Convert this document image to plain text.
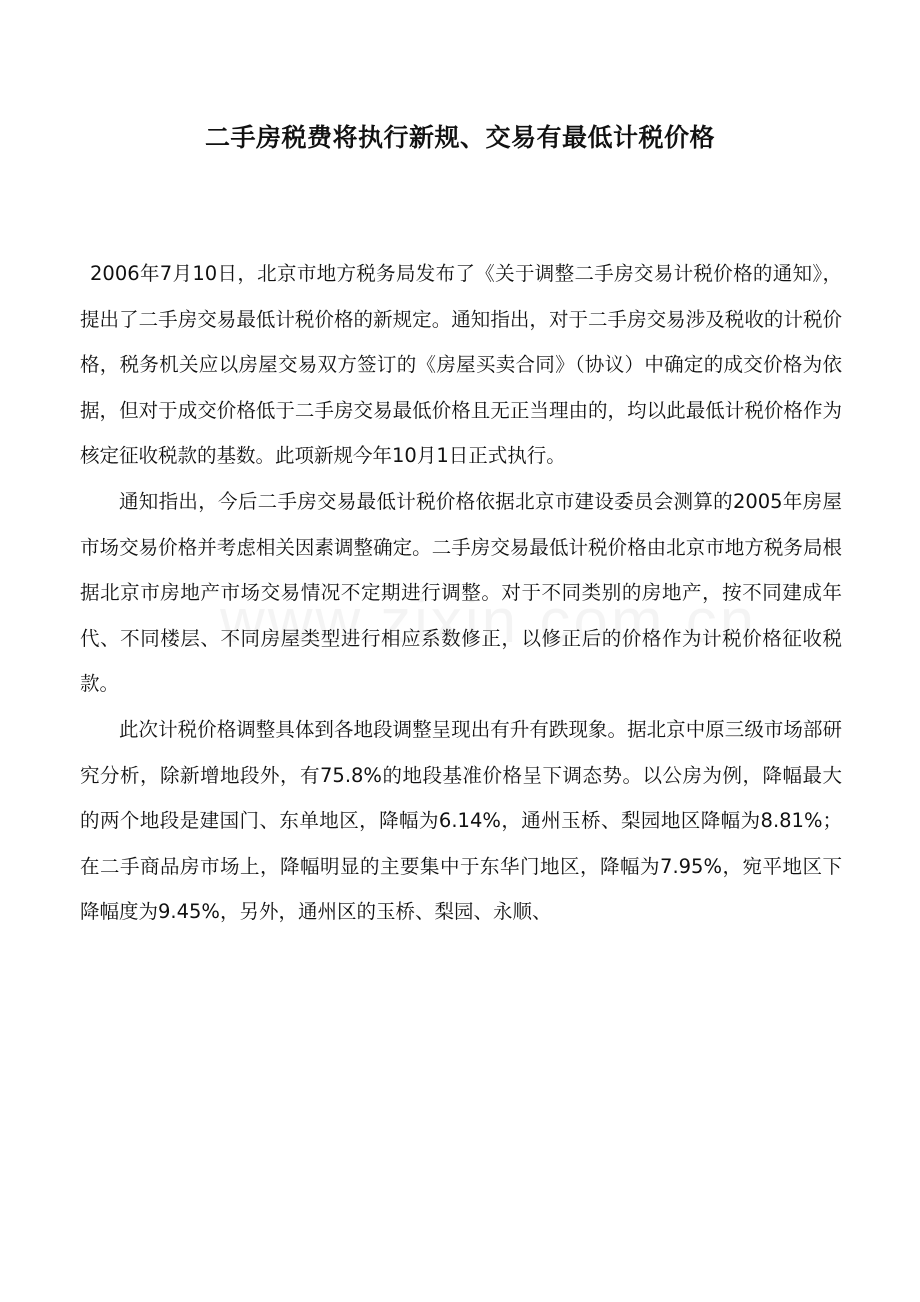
二手房税费将执行新规、交易有最低计税价格

2006年7月10日，北京市地方税务局发布了《关于调整二手房交易计税价格的通知》，提出了二手房交易最低计税价格的新规定。通知指出，对于二手房交易涉及税收的计税价格，税务机关应以房屋交易双方签订的《房屋买卖合同》（协议）中确定的成交价格为依据，但对于成交价格低于二手房交易最低价格且无正当理由的，均以此最低计税价格作为核定征收税款的基数。此项新规今年10月1日正式执行。

通知指出，今后二手房交易最低计税价格依据北京市建设委员会测算的2005年房屋市场交易价格并考虑相关因素调整确定。二手房交易最低计税价格由北京市地方税务局根据北京市房地产市场交易情况不定期进行调整。对于不同类别的房地产，按不同建成年代、不同楼层、不同房屋类型进行相应系数修正，以修正后的价格作为计税价格征收税款。

此次计税价格调整具体到各地段调整呈现出有升有跌现象。据北京中原三级市场部研究分析，除新增地段外，有75.8%的地段基准价格呈下调态势。以公房为例，降幅最大的两个地段是建国门、东单地区，降幅为6.14%，通州玉桥、梨园地区降幅为8.81%；在二手商品房市场上，降幅明显的主要集中于东华门地区，降幅为7.95%，宛平地区下降幅度为9.45%，另外，通州区的玉桥、梨园、永顺、
